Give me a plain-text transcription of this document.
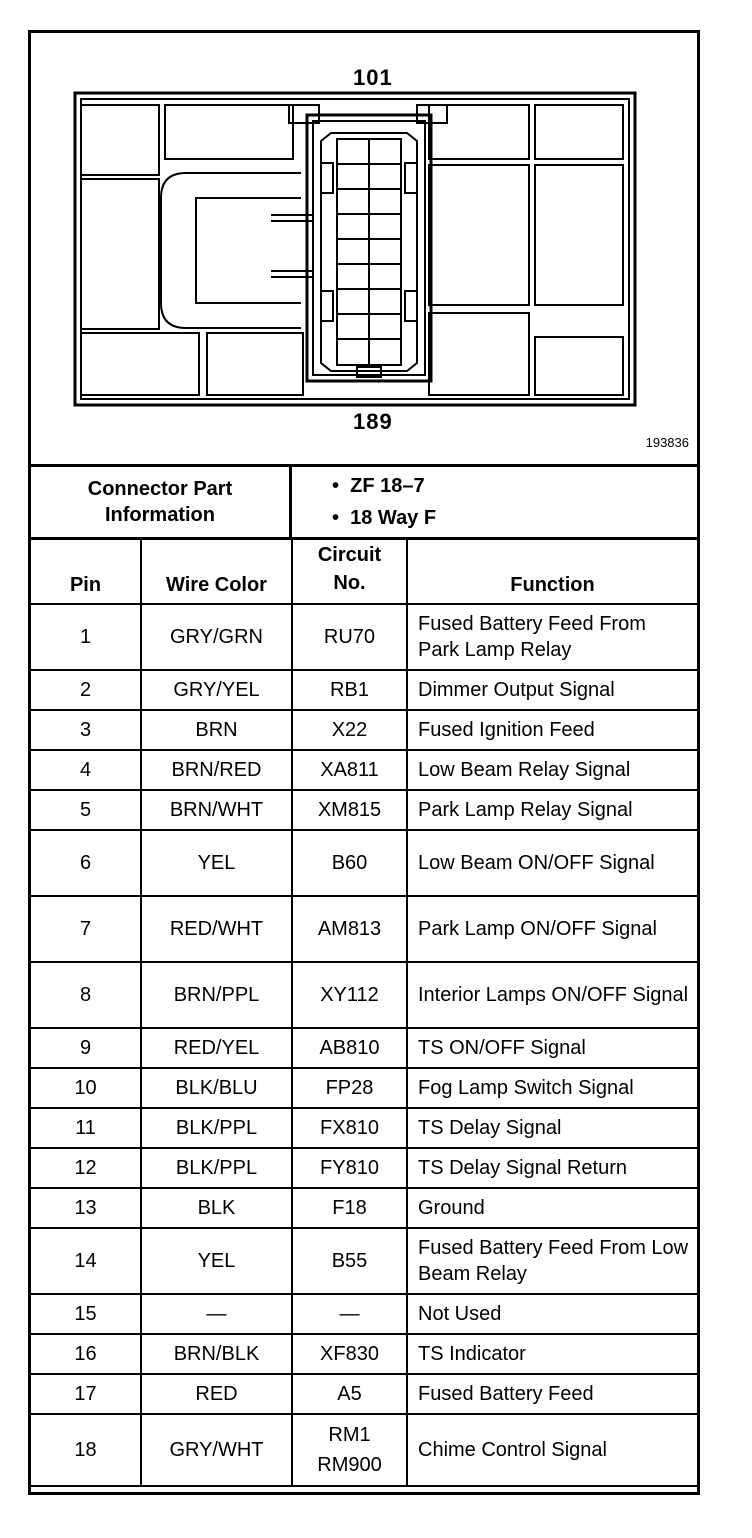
101
189
193836
Connector Part Information
•  ZF 18–7
•  18 Way F
Pin	Wire Color	Circuit No.	Function
1	GRY/GRN	RU70	Fused Battery Feed From Park Lamp Relay
2	GRY/YEL	RB1	Dimmer Output Signal
3	BRN	X22	Fused Ignition Feed
4	BRN/RED	XA811	Low Beam Relay Signal
5	BRN/WHT	XM815	Park Lamp Relay Signal
6	YEL	B60	Low Beam ON/OFF Signal
7	RED/WHT	AM813	Park Lamp ON/OFF Signal
8	BRN/PPL	XY112	Interior Lamps ON/OFF Signal
9	RED/YEL	AB810	TS ON/OFF Signal
10	BLK/BLU	FP28	Fog Lamp Switch Signal
11	BLK/PPL	FX810	TS Delay Signal
12	BLK/PPL	FY810	TS Delay Signal Return
13	BLK	F18	Ground
14	YEL	B55	Fused Battery Feed From Low Beam Relay
15	—	—	Not Used
16	BRN/BLK	XF830	TS Indicator
17	RED	A5	Fused Battery Feed
18	GRY/WHT	RM1 RM900	Chime Control Signal
